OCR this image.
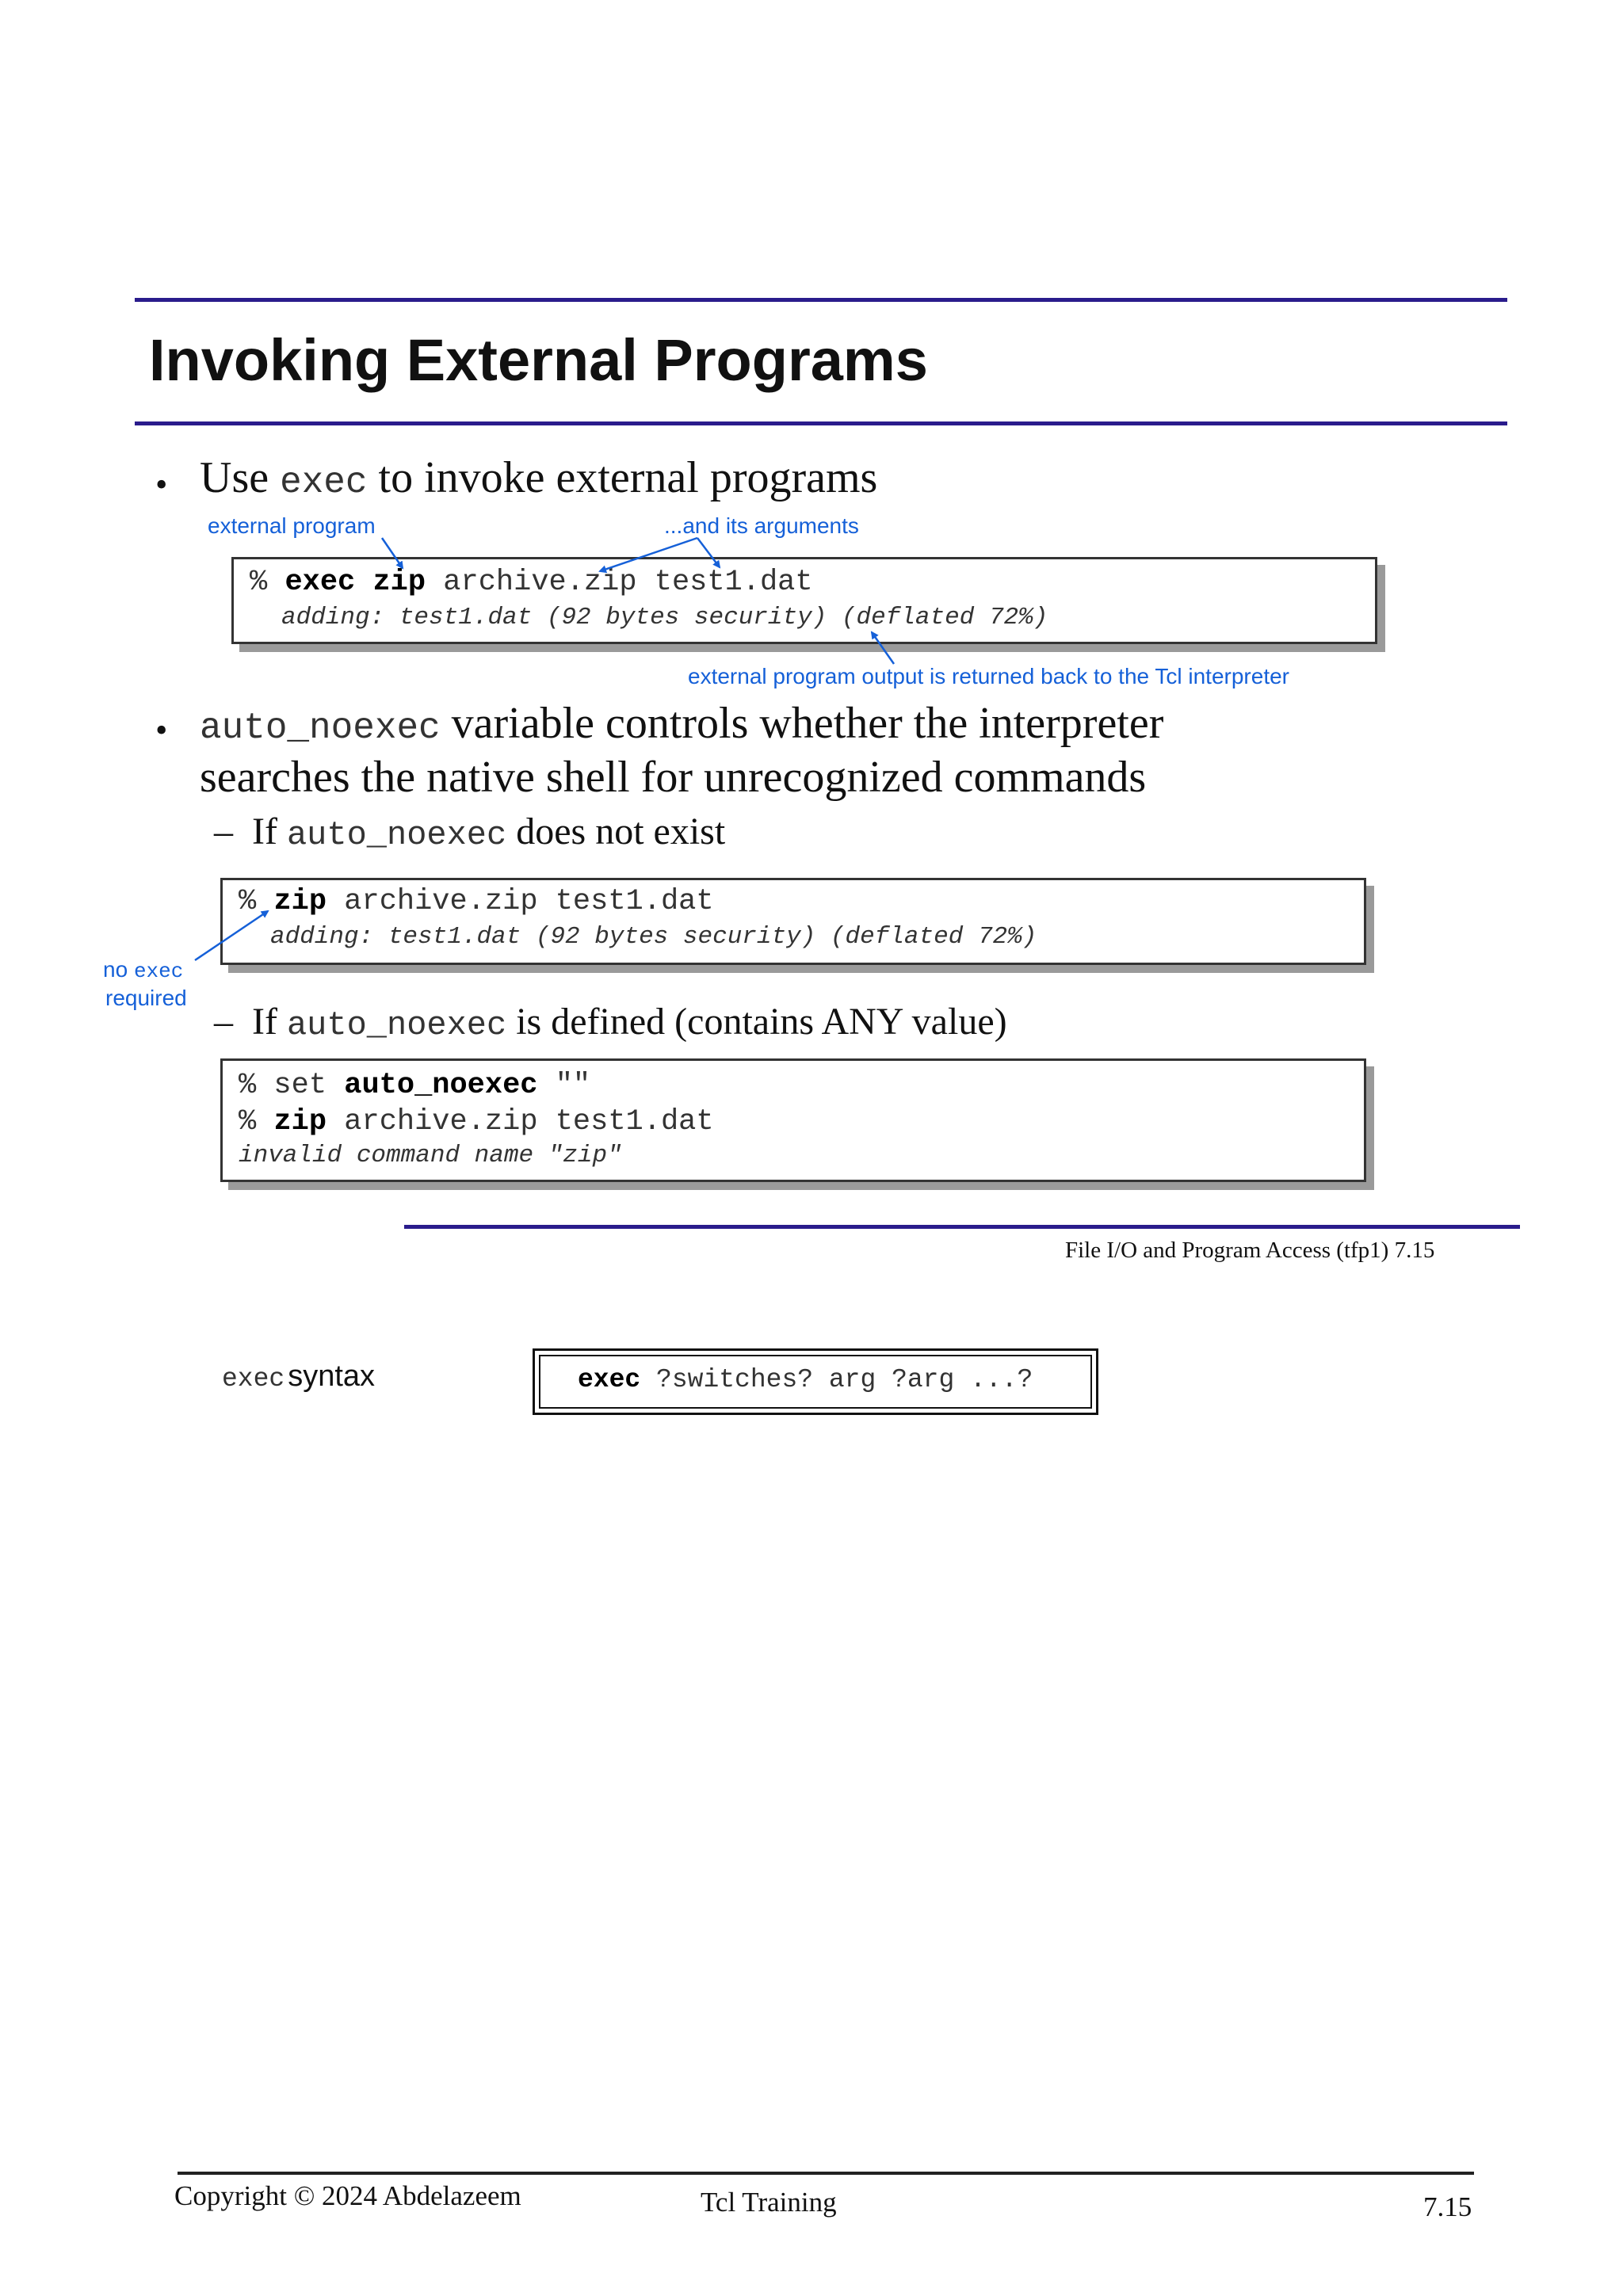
Invoking External Programs
• Use exec to invoke external programs
external program	...and its arguments
% exec zip archive.zip test1.dat
adding: test1.dat (92 bytes security) (deflated 72%)
external program output is returned back to the Tcl interpreter
• auto_noexec variable controls whether the interpreter
searches the native shell for unrecognized commands
– If auto_noexec does not exist
% zip archive.zip test1.dat
adding: test1.dat (92 bytes security) (deflated 72%)
no exec
required
– If auto_noexec is defined (contains ANY value)
% set auto_noexec ""
% zip archive.zip test1.dat
invalid command name "zip"
File I/O and Program Access (tfp1) 7.15
exec syntax	exec ?switches? arg ?arg ...?
Copyright © 2024 Abdelazeem	Tcl Training	7.15
